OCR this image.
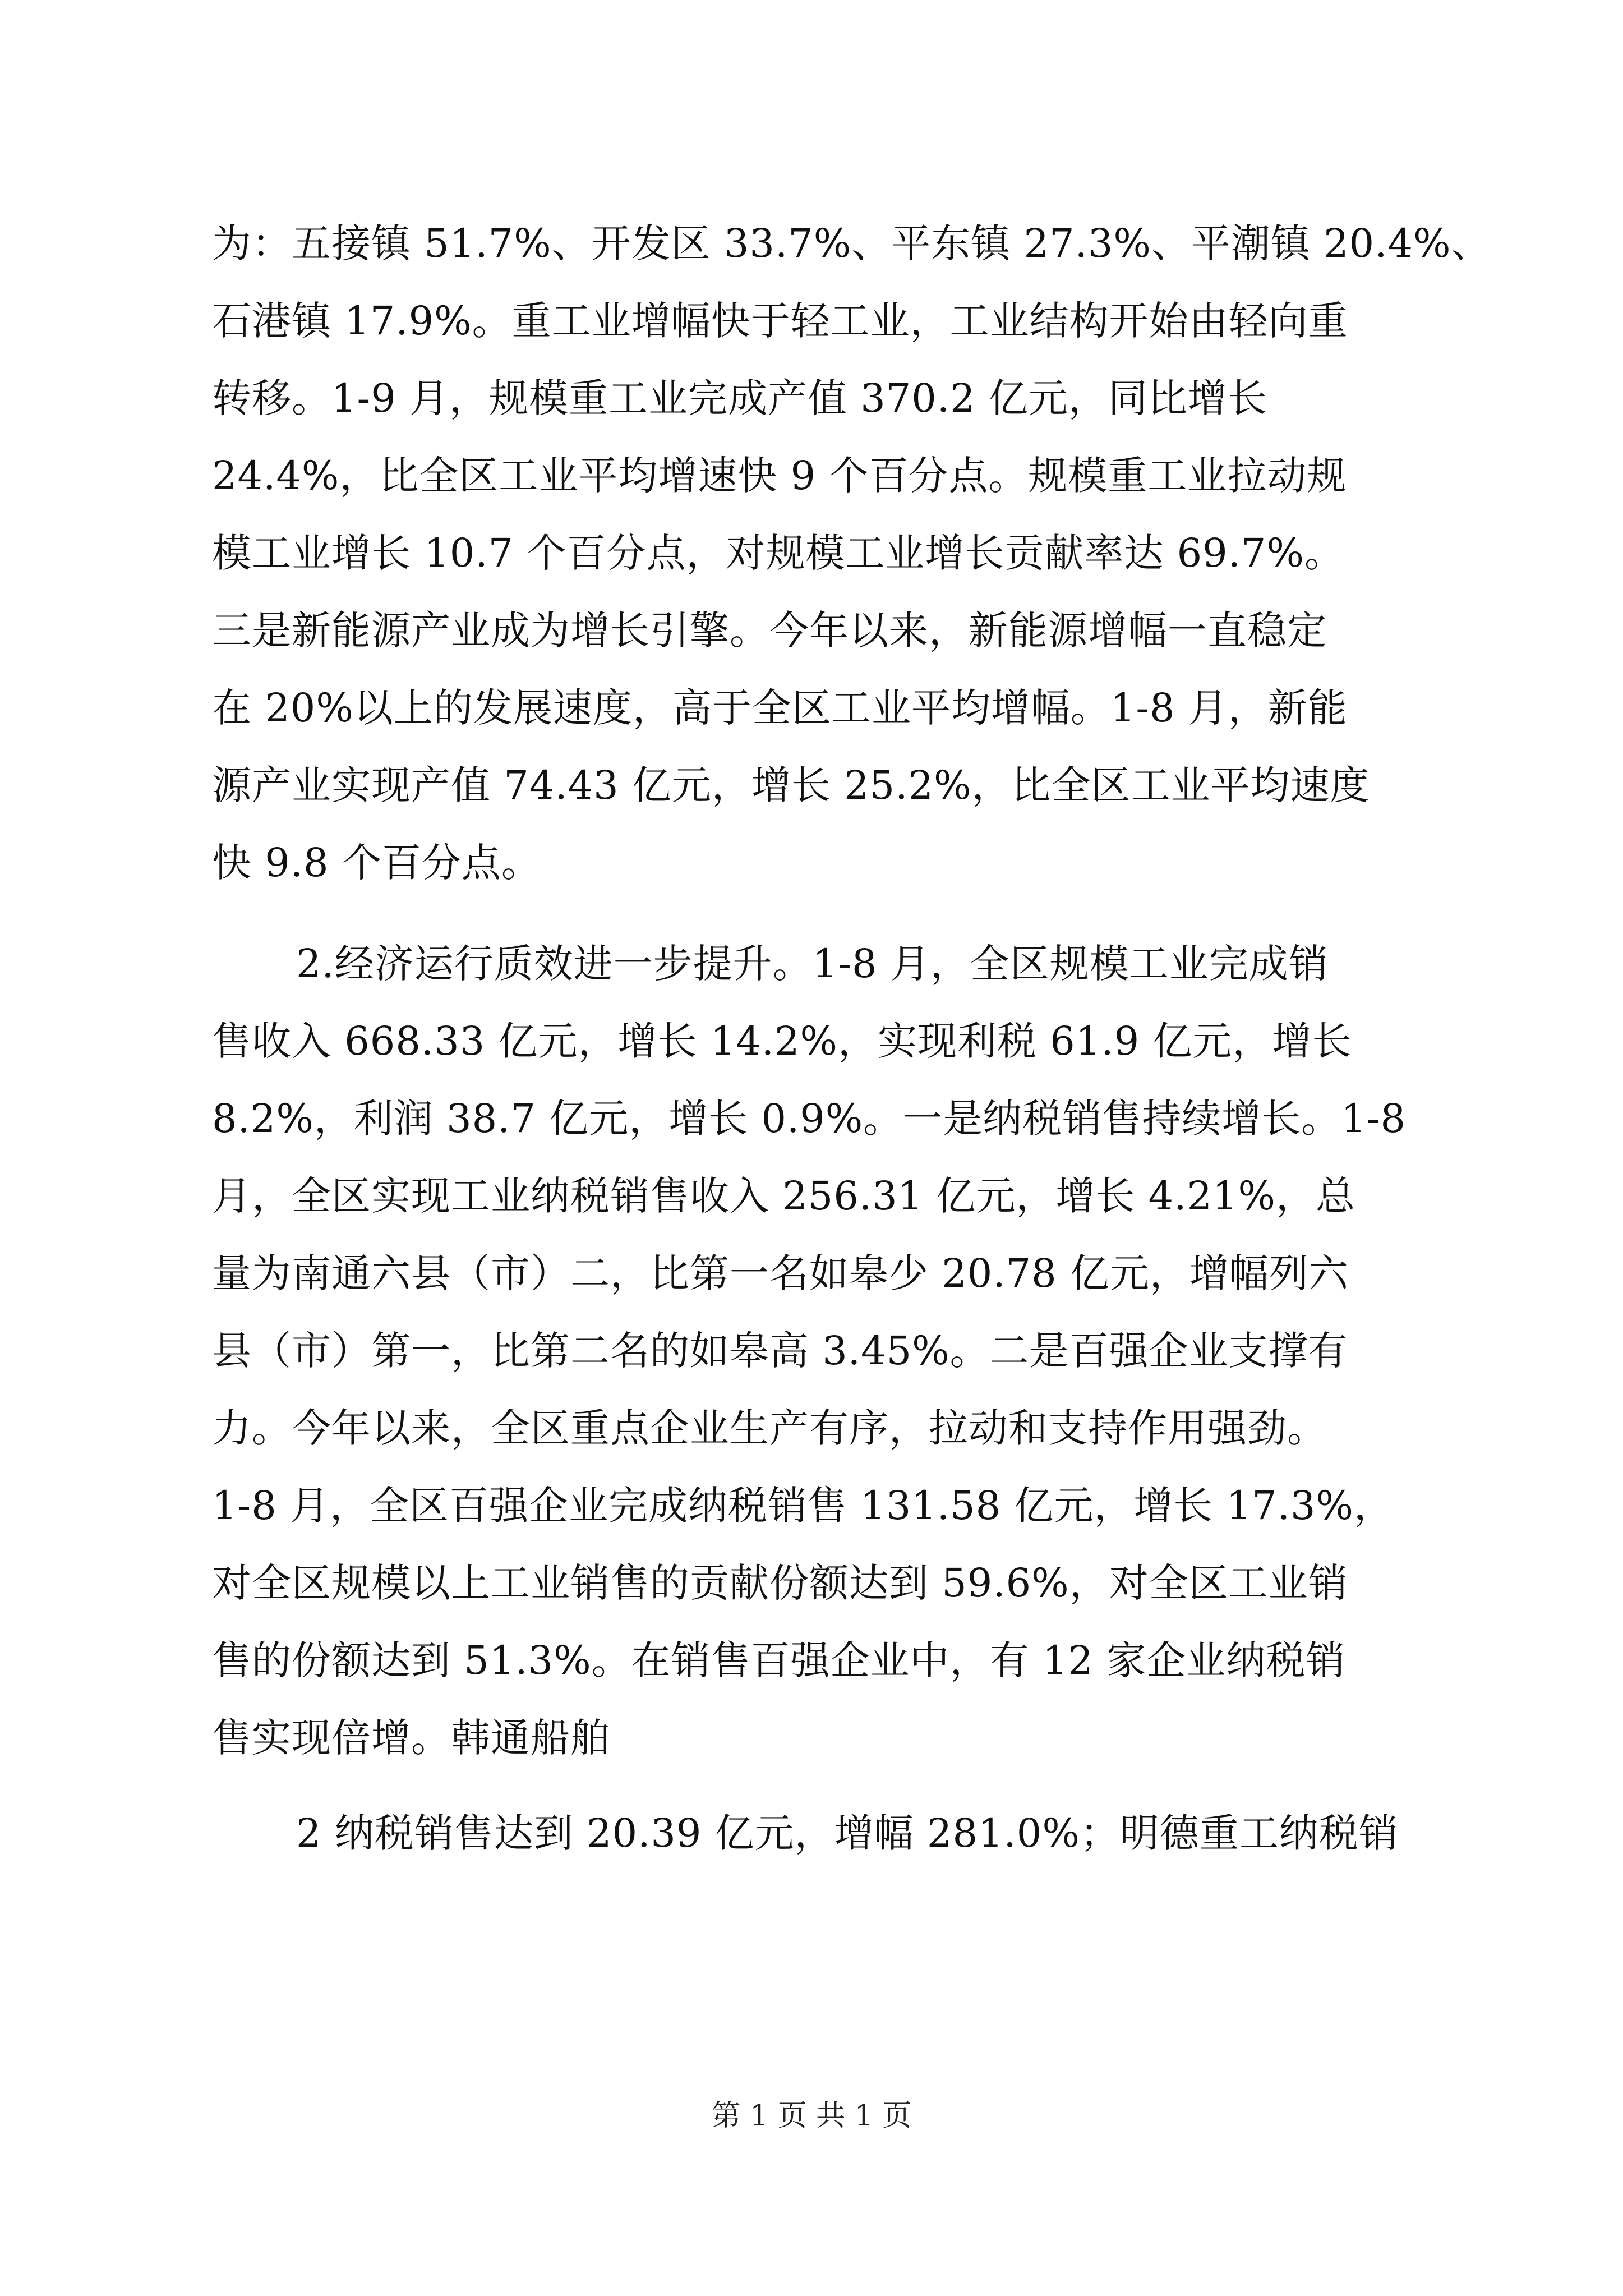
为：五接镇 51.7%、开发区 33.7%、平东镇 27.3%、平潮镇 20.4%、
石港镇 17.9%。重工业增幅快于轻工业，工业结构开始由轻向重
转移。1-9 月，规模重工业完成产值 370.2 亿元，同比增长
24.4%，比全区工业平均增速快 9 个百分点。规模重工业拉动规
模工业增长 10.7 个百分点，对规模工业增长贡献率达 69.7%。
三是新能源产业成为增长引擎。今年以来，新能源增幅一直稳定
在 20%以上的发展速度，高于全区工业平均增幅。1-8 月，新能
源产业实现产值 74.43 亿元，增长 25.2%，比全区工业平均速度
快 9.8 个百分点。
2.经济运行质效进一步提升。1-8 月，全区规模工业完成销
售收入 668.33 亿元，增长 14.2%，实现利税 61.9 亿元，增长
8.2%，利润 38.7 亿元，增长 0.9%。一是纳税销售持续增长。1-8
月，全区实现工业纳税销售收入 256.31 亿元，增长 4.21%，总
量为南通六县（市）二，比第一名如皋少 20.78 亿元，增幅列六
县（市）第一，比第二名的如皋高 3.45%。二是百强企业支撑有
力。今年以来，全区重点企业生产有序，拉动和支持作用强劲。
1-8 月，全区百强企业完成纳税销售 131.58 亿元，增长 17.3%，
对全区规模以上工业销售的贡献份额达到 59.6%，对全区工业销
售的份额达到 51.3%。在销售百强企业中，有 12 家企业纳税销
售实现倍增。韩通船舶
2 纳税销售达到 20.39 亿元，增幅 281.0%；明德重工纳税销
第 1 页 共 1 页
